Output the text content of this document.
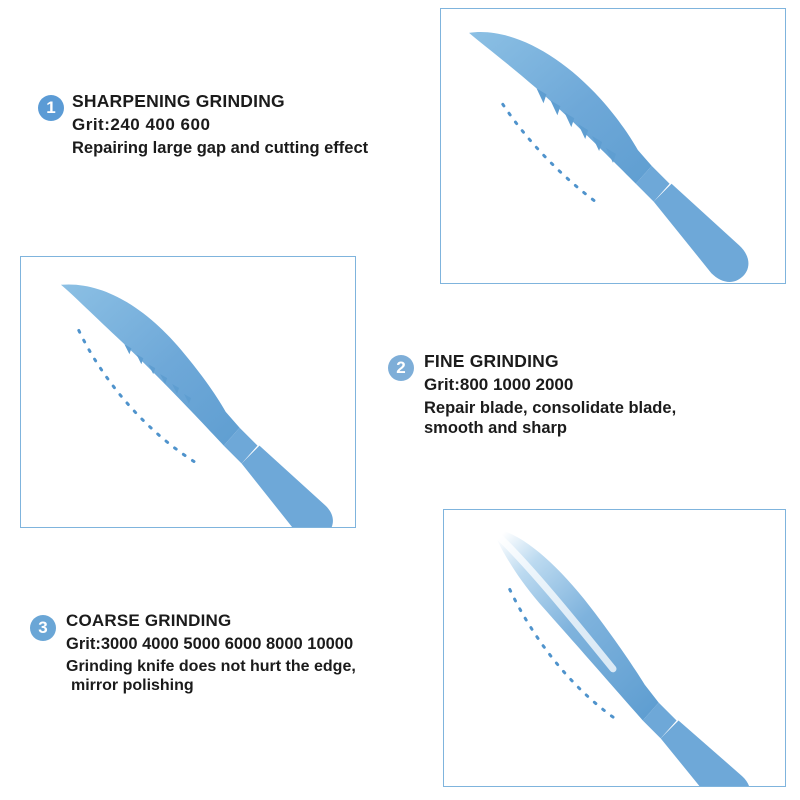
1 SHARPENING GRINDING
Grit:240 400 600
Repairing large gap and cutting effect
2	FINE GRINDING
Grit:800 1000 2000
Repair blade, consolidate blade,
smooth and sharp
3	COARSE GRINDING
Grit:3000 4000 5000 6000 8000 10000
Grinding knife does not hurt the edge,
mirror polishing
